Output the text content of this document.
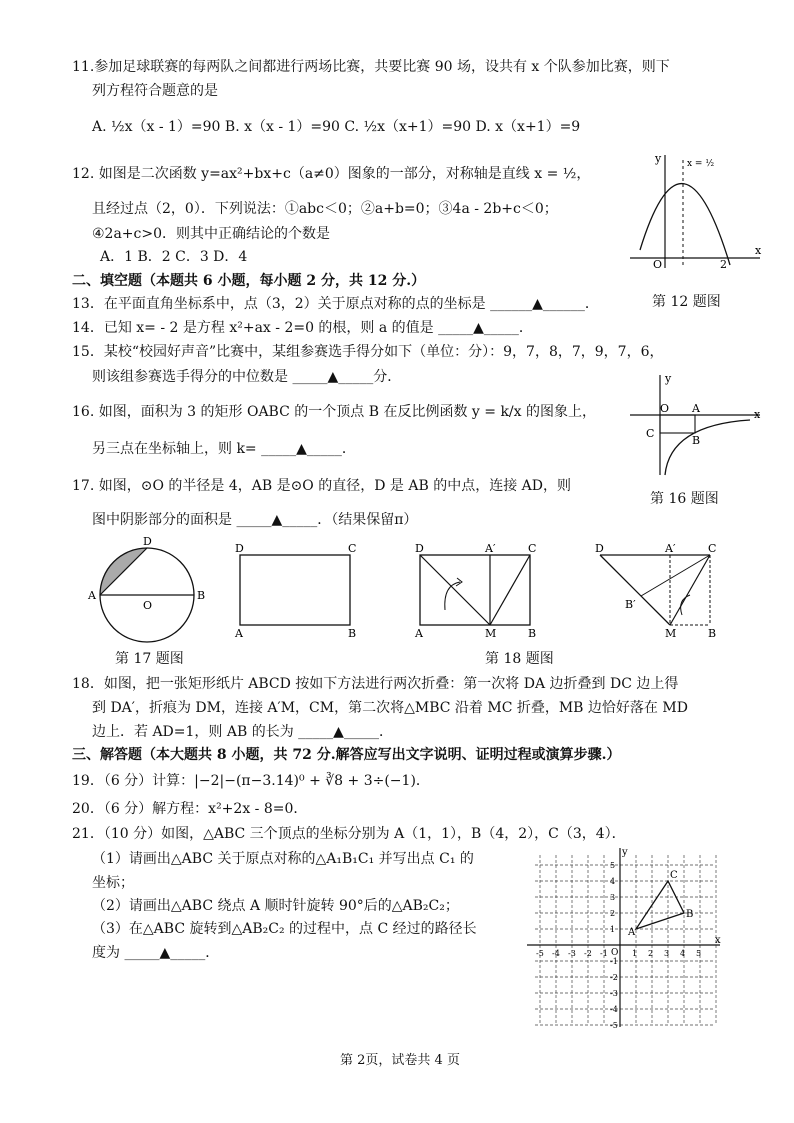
11.参加足球联赛的每两队之间都进行两场比赛，共要比赛 90 场，设共有 x 个队参加比赛，则下
列方程符合题意的是
A. ½x（x - 1）=90 B. x（x - 1）=90 C. ½x（x+1）=90 D. x（x+1）=9
12. 如图是二次函数 y=ax²+bx+c（a≠0）图象的一部分，对称轴是直线 x = ½，
且经过点（2，0）．下列说法：①abc＜0；②a+b=0；③4a - 2b+c＜0；
④2a+c>0．则其中正确结论的个数是
A．1 B．2 C．3 D．4
y
x
O	2
x = ½
第 12 题图
二、填空题（本题共 6 小题，每小题 2 分，共 12 分.）
13．在平面直角坐标系中，点（3，2）关于原点对称的点的坐标是 ______▲______．
14．已知 x= - 2 是方程 x²+ax - 2=0 的根，则 a 的值是 _____▲_____．
15．某校“校园好声音”比赛中，某组参赛选手得分如下（单位：分）：9，7，8，7，9，7，6，
则该组参赛选手得分的中位数是 _____▲_____分．
16. 如图，面积为 3 的矩形 OABC 的一个顶点 B 在反比例函数 y = k/x 的图象上，
另三点在坐标轴上，则 k= _____▲_____．
y
O A	x
C
B
第 16 题图
17. 如图，⊙O 的半径是 4，AB 是⊙O 的直径，D 是 AB 的中点，连接 AD，则
图中阴影部分的面积是 _____▲_____．（结果保留π）
D
A
O
B
第 17 题图
D	C
A	B
D	A′	C
A	M	B
第 18 题图
D	A′	C
B′
M	B
18．如图，把一张矩形纸片 ABCD 按如下方法进行两次折叠：第一次将 DA 边折叠到 DC 边上得
到 DA′，折痕为 DM，连接 A′M，CM，第二次将△MBC 沿着 MC 折叠，MB 边恰好落在 MD
边上．若 AD=1，则 AB 的长为 _____▲_____．
三、解答题（本大题共 8 小题，共 72 分.解答应写出文字说明、证明过程或演算步骤.）
19．（6 分）计算：|−2|−(π−3.14)⁰ + ∛8 + 3÷(−1)．
20．（6 分）解方程：x²+2x - 8=0．
21．（10 分）如图，△ABC 三个顶点的坐标分别为 A（1，1），B（4，2），C（3，4）．
（1）请画出△ABC 关于原点对称的△A₁B₁C₁ 并写出点 C₁ 的
坐标；
（2）请画出△ABC 绕点 A 顺时针旋转 90°后的△AB₂C₂；
（3）在△ABC 旋转到△AB₂C₂ 的过程中，点 C 经过的路径长
度为 _____▲_____．
y
x
C
B
A
O
-5 -4 -3 -2 -1	1 2 3 4 5
5
4
3
2
1
-1
-2
-3
-4
-5
第 2页，试卷共 4 页
